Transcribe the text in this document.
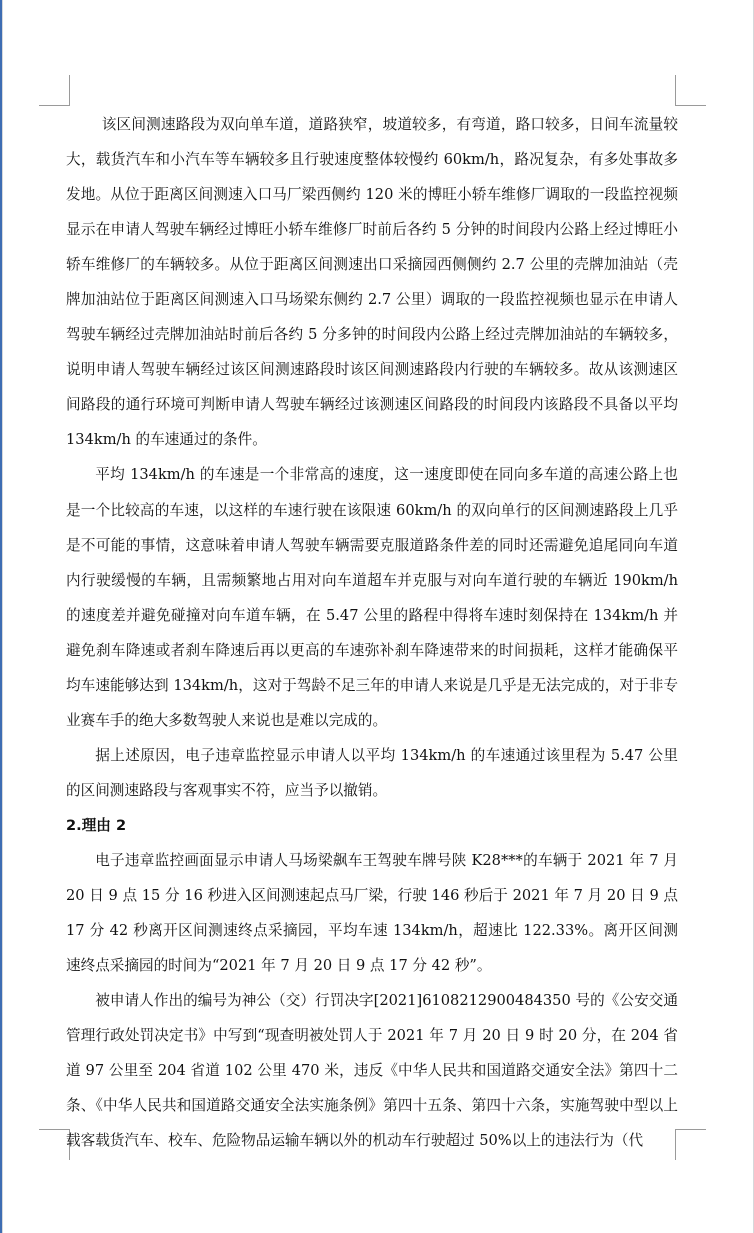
该区间测速路段为双向单车道，道路狭窄，坡道较多，有弯道，路口较多，日间车流量较大，载货汽车和小汽车等车辆较多且行驶速度整体较慢约 60km/h，路况复杂，有多处事故多发地。从位于距离区间测速入口马厂梁西侧约 120 米的博旺小轿车维修厂调取的一段监控视频显示在申请人驾驶车辆经过博旺小轿车维修厂时前后各约 5 分钟的时间段内公路上经过博旺小轿车维修厂的车辆较多。从位于距离区间测速出口采摘园西侧侧约 2.7 公里的壳牌加油站（壳牌加油站位于距离区间测速入口马场梁东侧约 2.7 公里）调取的一段监控视频也显示在申请人驾驶车辆经过壳牌加油站时前后各约 5 分多钟的时间段内公路上经过壳牌加油站的车辆较多，说明申请人驾驶车辆经过该区间测速路段时该区间测速路段内行驶的车辆较多。故从该测速区间路段的通行环境可判断申请人驾驶车辆经过该测速区间路段的时间段内该路段不具备以平均 134km/h 的车速通过的条件。

平均 134km/h 的车速是一个非常高的速度，这一速度即使在同向多车道的高速公路上也是一个比较高的车速，以这样的车速行驶在该限速 60km/h 的双向单行的区间测速路段上几乎是不可能的事情，这意味着申请人驾驶车辆需要克服道路条件差的同时还需避免追尾同向车道内行驶缓慢的车辆，且需频繁地占用对向车道超车并克服与对向车道行驶的车辆近 190km/h 的速度差并避免碰撞对向车道车辆，在 5.47 公里的路程中得将车速时刻保持在 134km/h 并避免刹车降速或者刹车降速后再以更高的车速弥补刹车降速带来的时间损耗，这样才能确保平均车速能够达到 134km/h，这对于驾龄不足三年的申请人来说是几乎是无法完成的，对于非专业赛车手的绝大多数驾驶人来说也是难以完成的。

据上述原因，电子违章监控显示申请人以平均 134km/h 的车速通过该里程为 5.47 公里的区间测速路段与客观事实不符，应当予以撤销。

2.理由 2

电子违章监控画面显示申请人马场梁飙车王驾驶车牌号陕 K28***的车辆于 2021 年 7 月 20 日 9 点 15 分 16 秒进入区间测速起点马厂梁，行驶 146 秒后于 2021 年 7 月 20 日 9 点 17 分 42 秒离开区间测速终点采摘园，平均车速 134km/h，超速比 122.33%。离开区间测速终点采摘园的时间为“2021 年 7 月 20 日 9 点 17 分 42 秒”。

被申请人作出的编号为神公（交）行罚决字[2021]6108212900484350 号的《公安交通管理行政处罚决定书》中写到“现查明被处罚人于 2021 年 7 月 20 日 9 时 20 分，在 204 省道 97 公里至 204 省道 102 公里 470 米，违反《中华人民共和国道路交通安全法》第四十二条、《中华人民共和国道路交通安全法实施条例》第四十五条、第四十六条，实施驾驶中型以上载客载货汽车、校车、危险物品运输车辆以外的机动车行驶超过 50%以上的违法行为（代
